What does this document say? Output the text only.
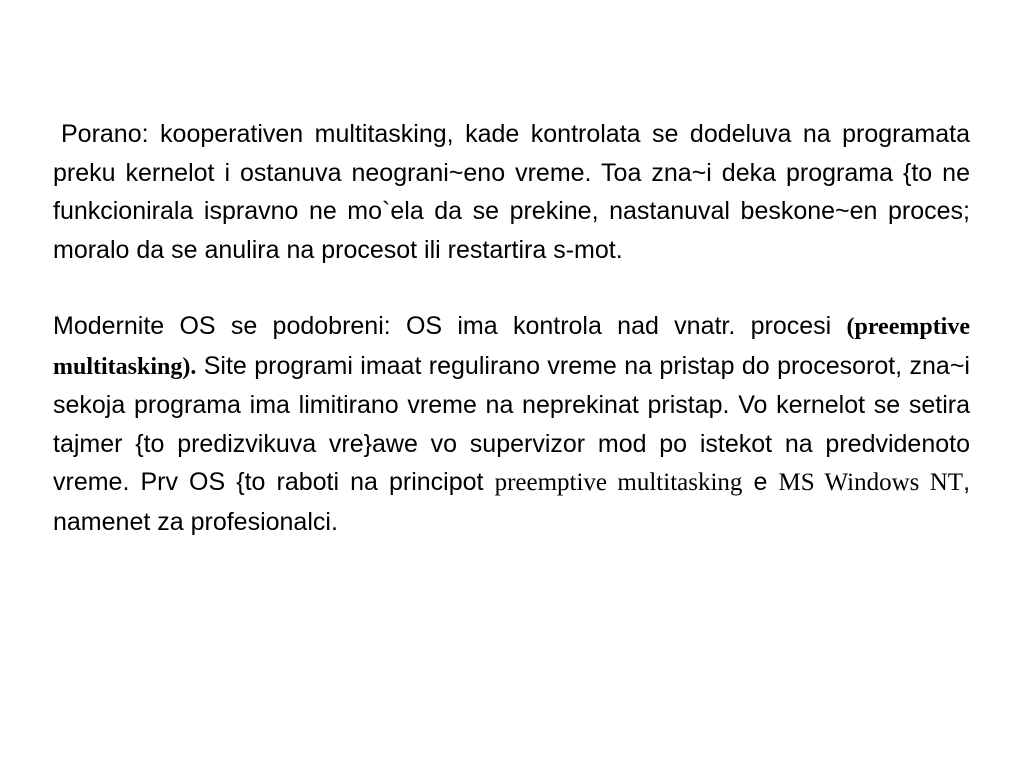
Porano: kooperativen multitasking, kade kontrolata se dodeluva na programata preku kernelot i ostanuva neograni~eno vreme. Toa zna~i deka programa {to ne funkcionirala ispravno ne mo`ela da se prekine, nastanuval beskone~en proces; moralo da se anulira na procesot ili restartira s-mot.

Modernite OS se podobreni: OS ima kontrola nad vnatr. procesi (preemptive multitasking). Site programi imaat regulirano vreme na pristap do procesorot, zna~i sekoja programa ima limitirano vreme na neprekinat pristap. Vo kernelot se setira tajmer {to predizvikuva vre}awe vo supervizor mod po istekot na predvidenoto vreme. Prv OS {to raboti na principot preemptive multitasking e MS Windows NT, namenet za profesionalci.
